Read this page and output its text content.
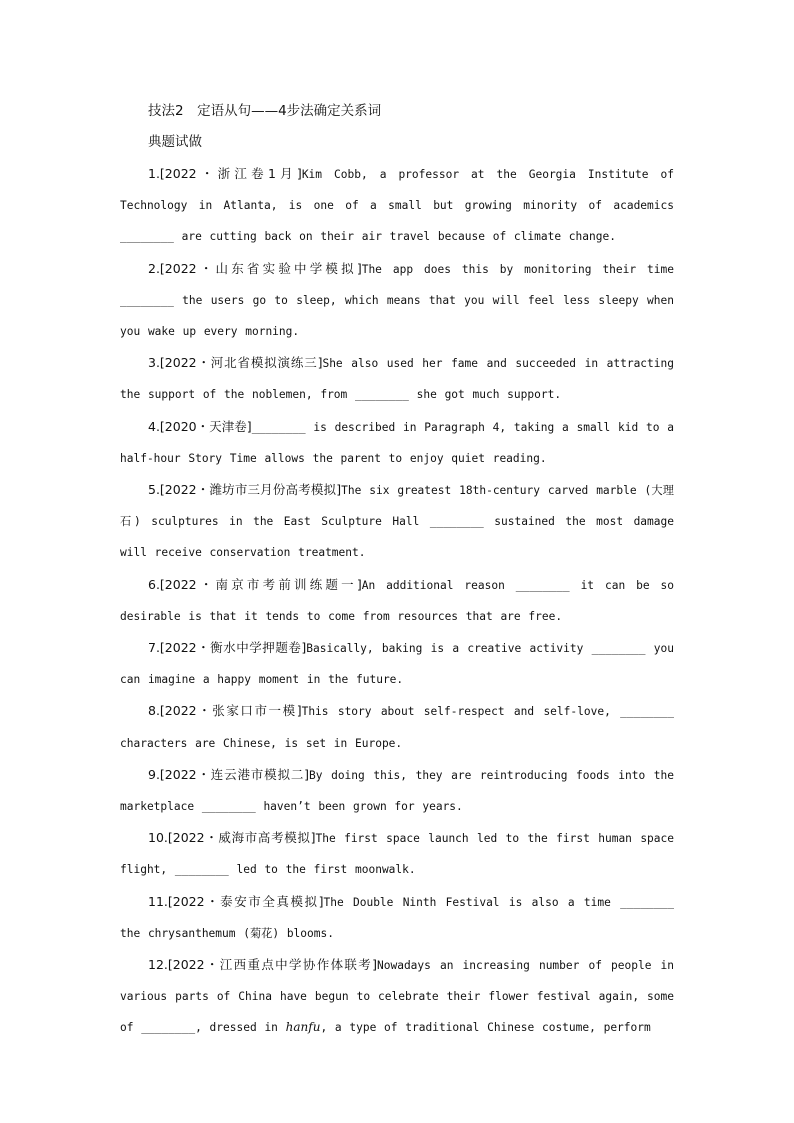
技法2　定语从句——4步法确定关系词
典题试做

1.[2022・浙江卷1月]Kim Cobb, a professor at the Georgia Institute of Technology in Atlanta, is one of a small but growing minority of academics ________ are cutting back on their air travel because of climate change.

2.[2022・山东省实验中学模拟]The app does this by monitoring their time ________ the users go to sleep, which means that you will feel less sleepy when you wake up every morning.

3.[2022・河北省模拟演练三]She also used her fame and succeeded in attracting the support of the noblemen, from ________ she got much support.

4.[2020・天津卷]________ is described in Paragraph 4, taking a small kid to a half-hour Story Time allows the parent to enjoy quiet reading.

5.[2022・潍坊市三月份高考模拟]The six greatest 18th-century carved marble (大理石) sculptures in the East Sculpture Hall ________ sustained the most damage will receive conservation treatment.

6.[2022・南京市考前训练题一]An additional reason ________ it can be so desirable is that it tends to come from resources that are free.

7.[2022・衡水中学押题卷]Basically, baking is a creative activity ________ you can imagine a happy moment in the future.

8.[2022・张家口市一模]This story about self-respect and self-love, ________ characters are Chinese, is set in Europe.

9.[2022・连云港市模拟二]By doing this, they are reintroducing foods into the marketplace ________ haven’t been grown for years.

10.[2022・威海市高考模拟]The first space launch led to the first human space flight, ________ led to the first moonwalk.

11.[2022・泰安市全真模拟]The Double Ninth Festival is also a time ________ the chrysanthemum (菊花) blooms.

12.[2022・江西重点中学协作体联考]Nowadays an increasing number of people in various parts of China have begun to celebrate their flower festival again, some of ________, dressed in hanfu, a type of traditional Chinese costume, perform
